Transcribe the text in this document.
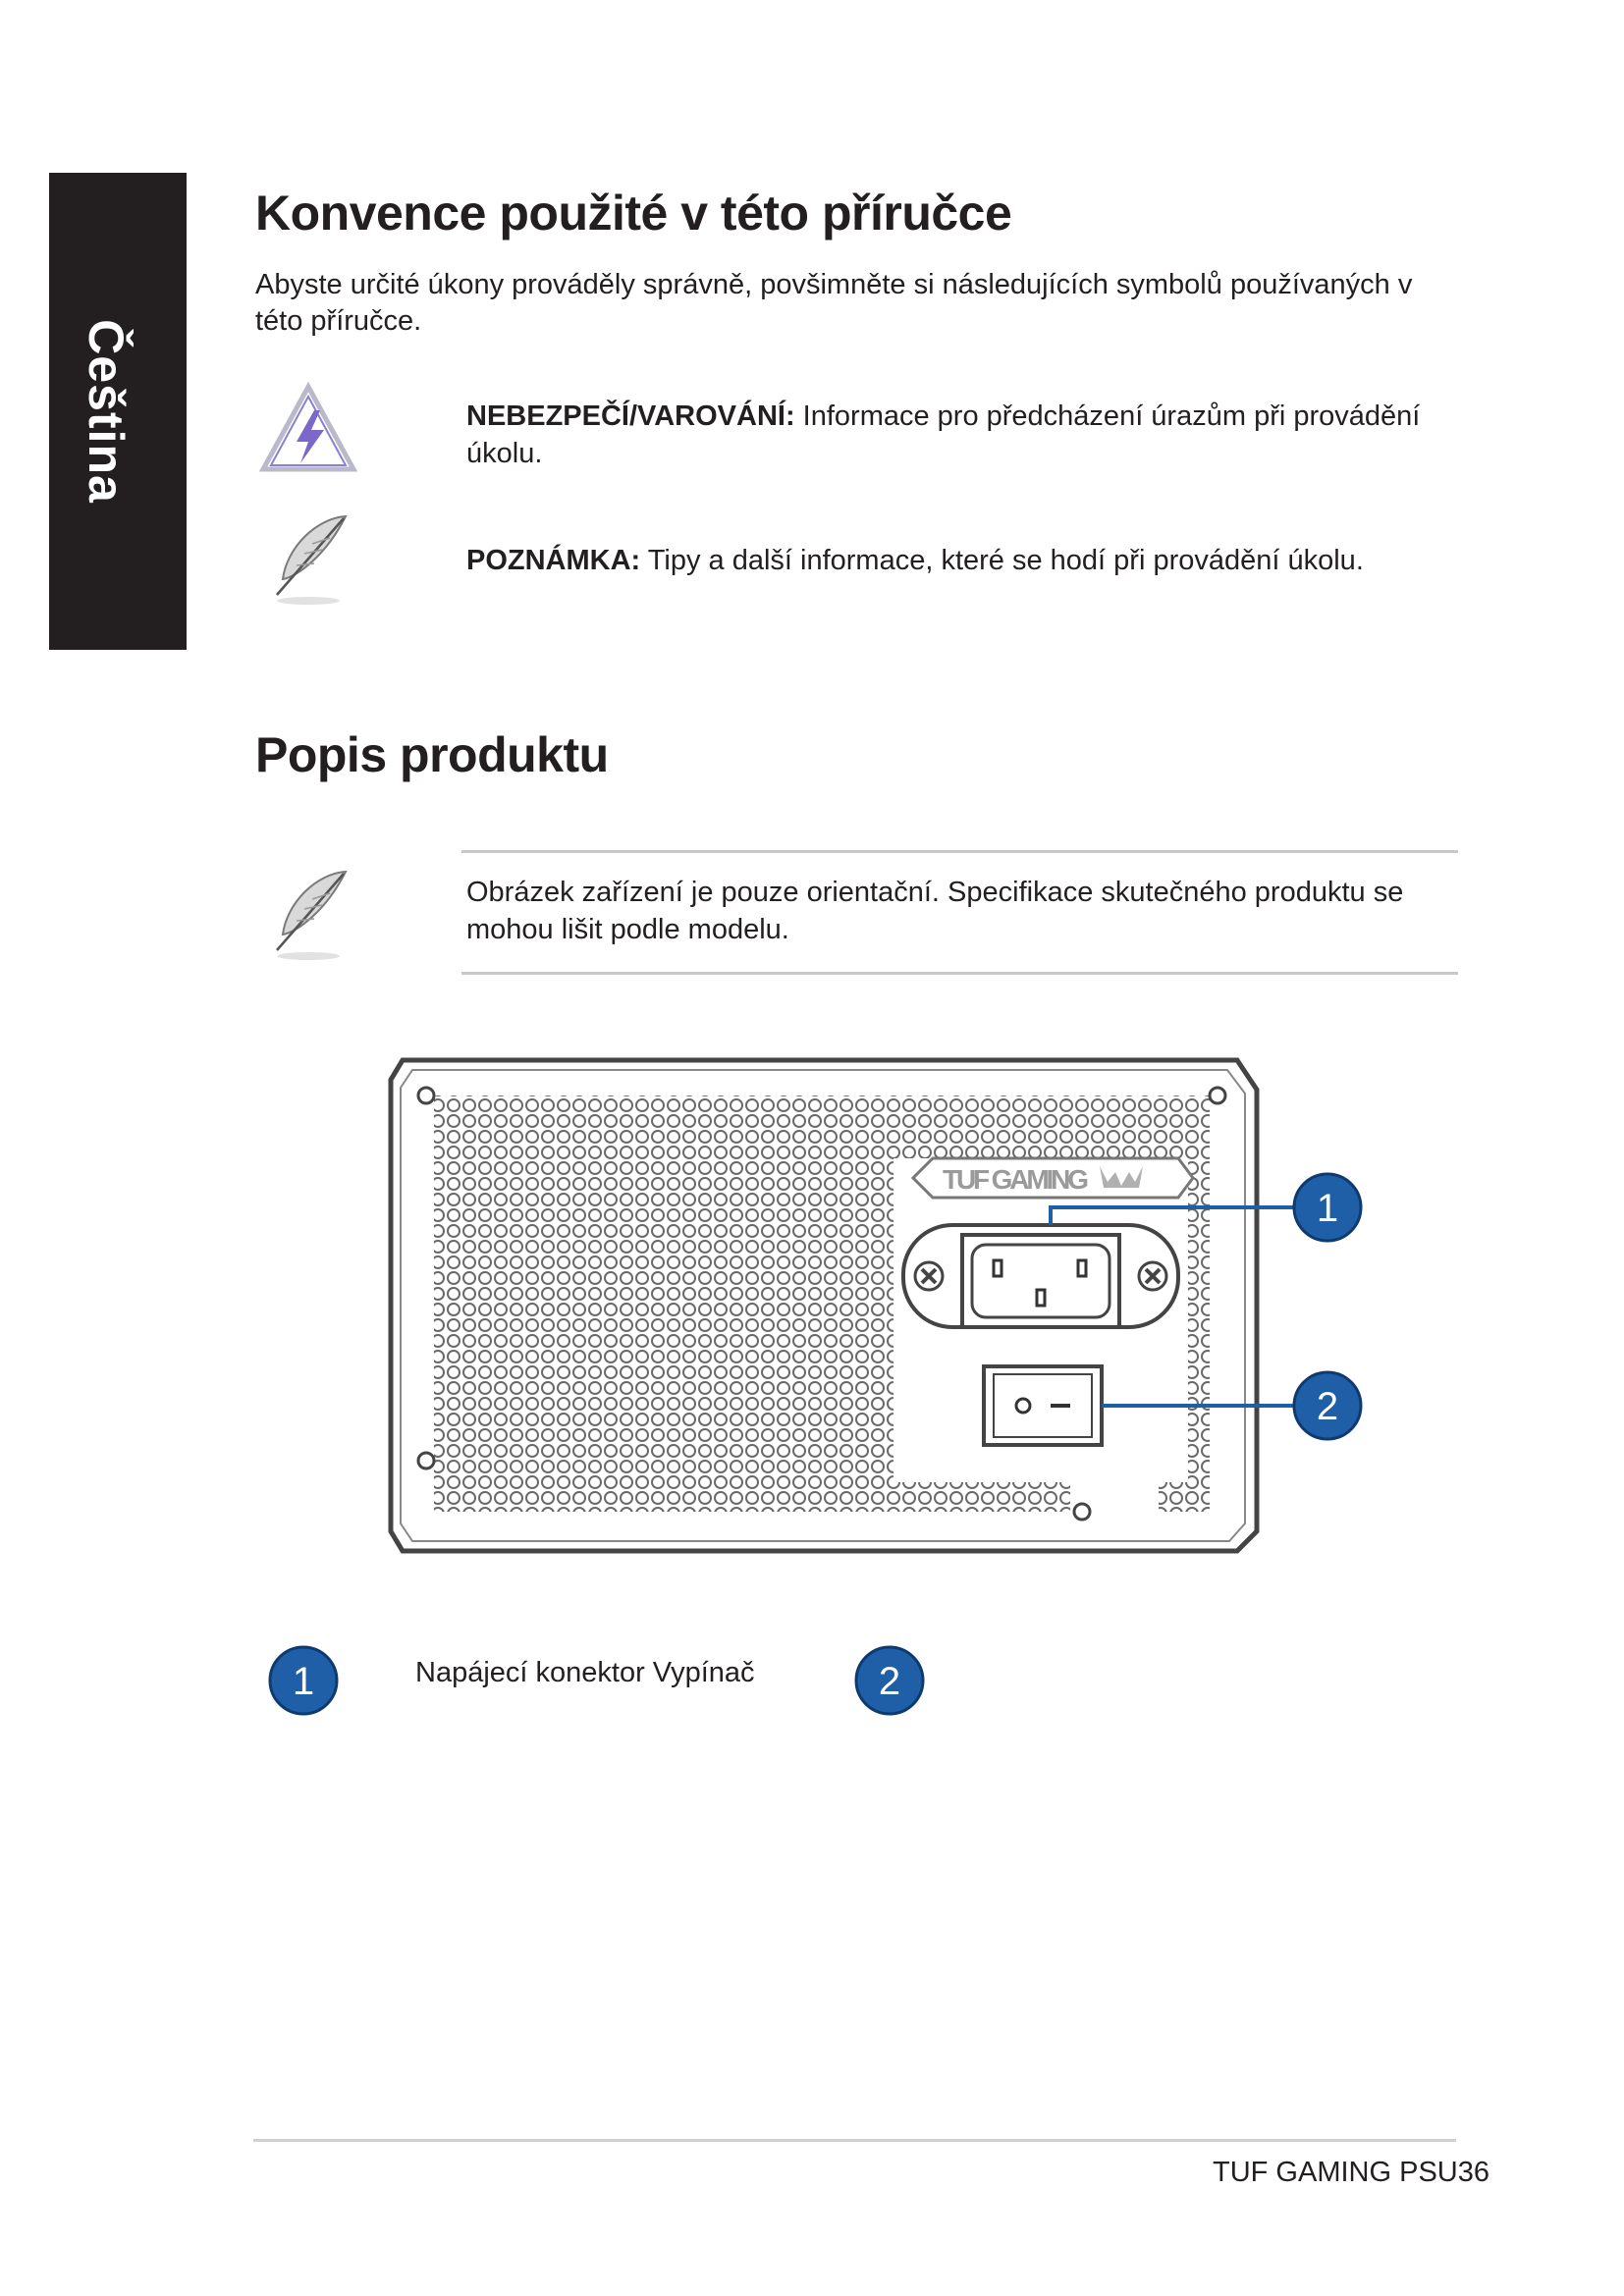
Čeština
Konvence použité v této příručce

Abyste určité úkony prováděly správně, povšimněte si následujících symbolů používaných v této příručce.

NEBEZPEČÍ/VAROVÁNÍ: Informace pro předcházení úrazům při provádění úkolu.

POZNÁMKA: Tipy a další informace, které se hodí při provádění úkolu.

Popis produktu

Obrázek zařízení je pouze orientační. Specifikace skutečného produktu se mohou lišit podle modelu.

TUF GAMING
1
2
1	Napájecí konektor Vypínač	2

TUF GAMING PSU36
